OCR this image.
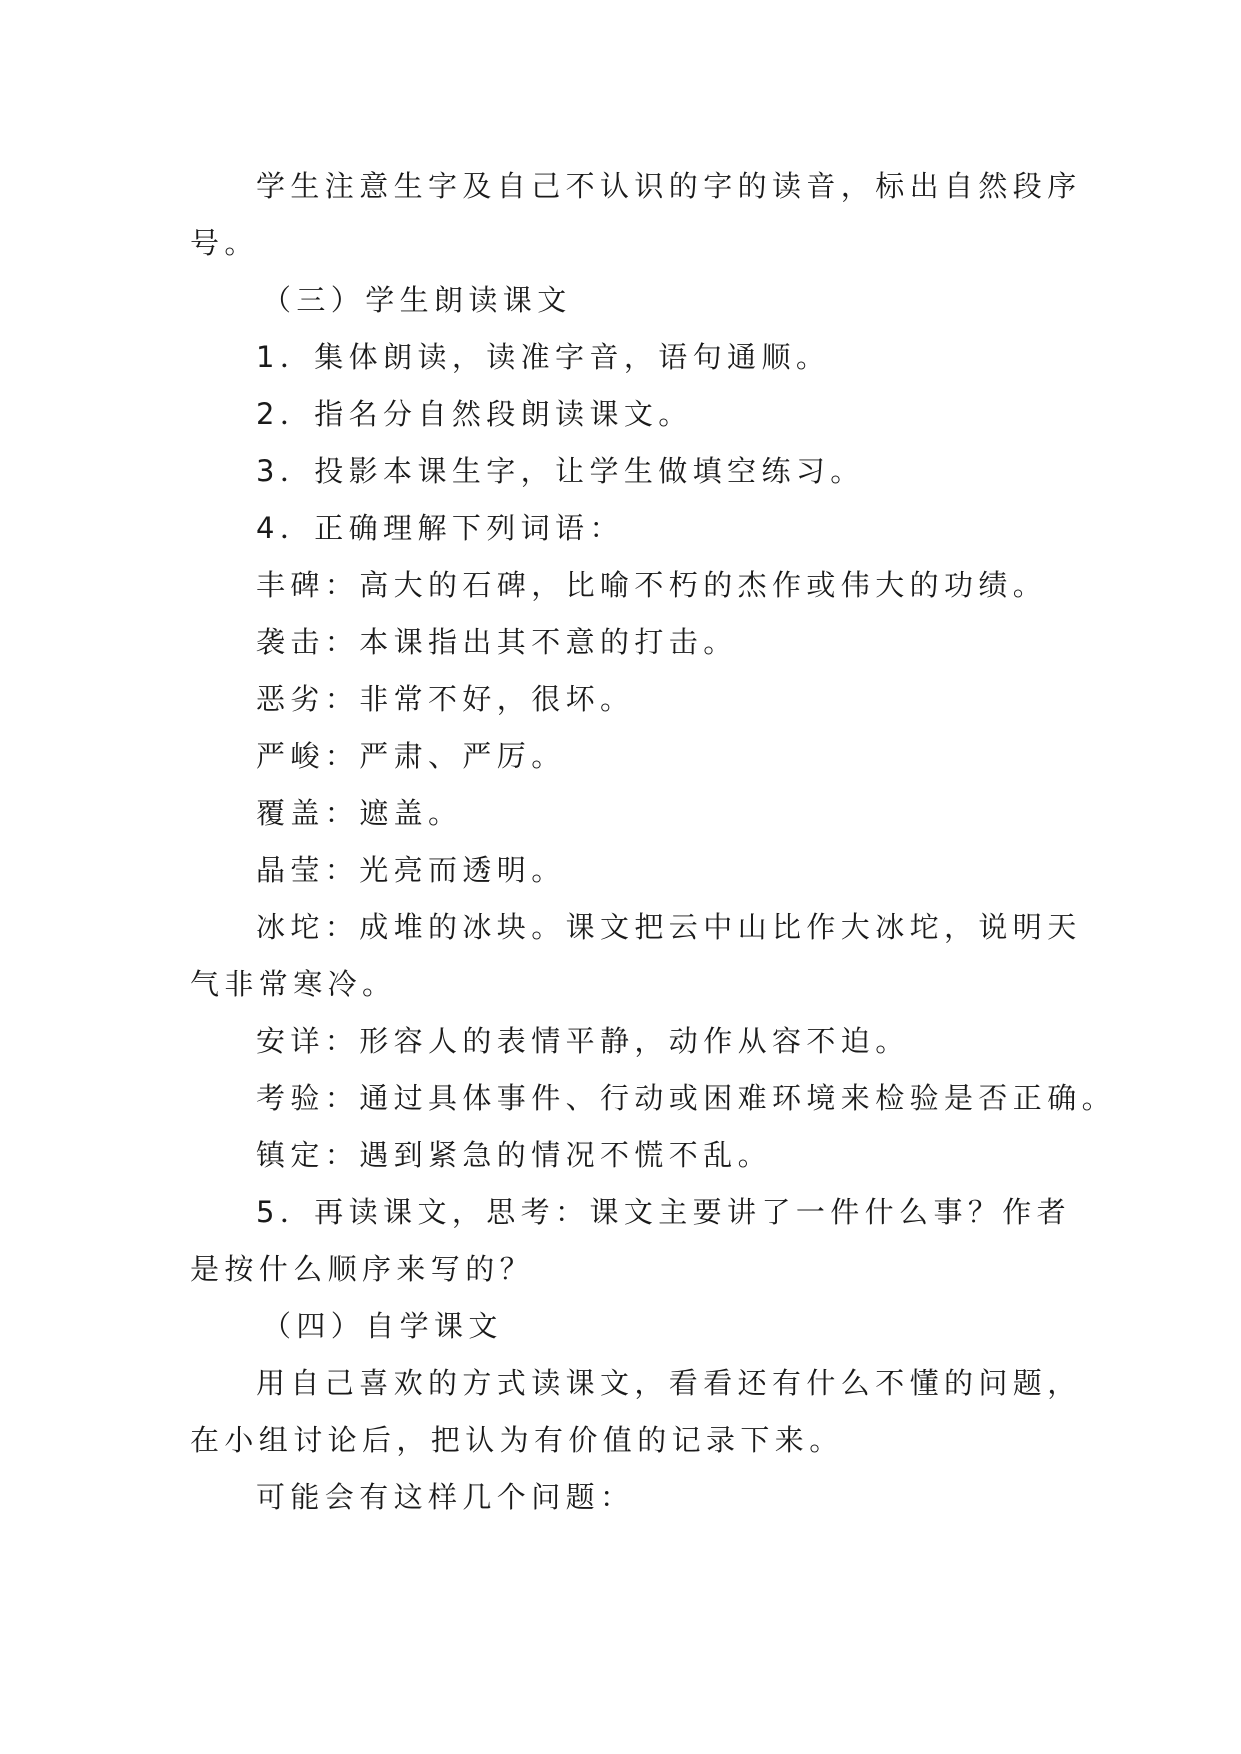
学生注意生字及自己不认识的字的读音，标出自然段序

号。

（三）学生朗读课文

1．集体朗读，读准字音，语句通顺。

2．指名分自然段朗读课文。

3．投影本课生字，让学生做填空练习。

4．正确理解下列词语：

丰碑：高大的石碑，比喻不朽的杰作或伟大的功绩。

袭击：本课指出其不意的打击。

恶劣：非常不好，很坏。

严峻：严肃、严厉。

覆盖：遮盖。

晶莹：光亮而透明。

冰坨：成堆的冰块。课文把云中山比作大冰坨，说明天

气非常寒冷。

安详：形容人的表情平静，动作从容不迫。

考验：通过具体事件、行动或困难环境来检验是否正确。

镇定：遇到紧急的情况不慌不乱。

5．再读课文，思考：课文主要讲了一件什么事？作者

是按什么顺序来写的？

（四）自学课文

用自己喜欢的方式读课文，看看还有什么不懂的问题，

在小组讨论后，把认为有价值的记录下来。

可能会有这样几个问题：
